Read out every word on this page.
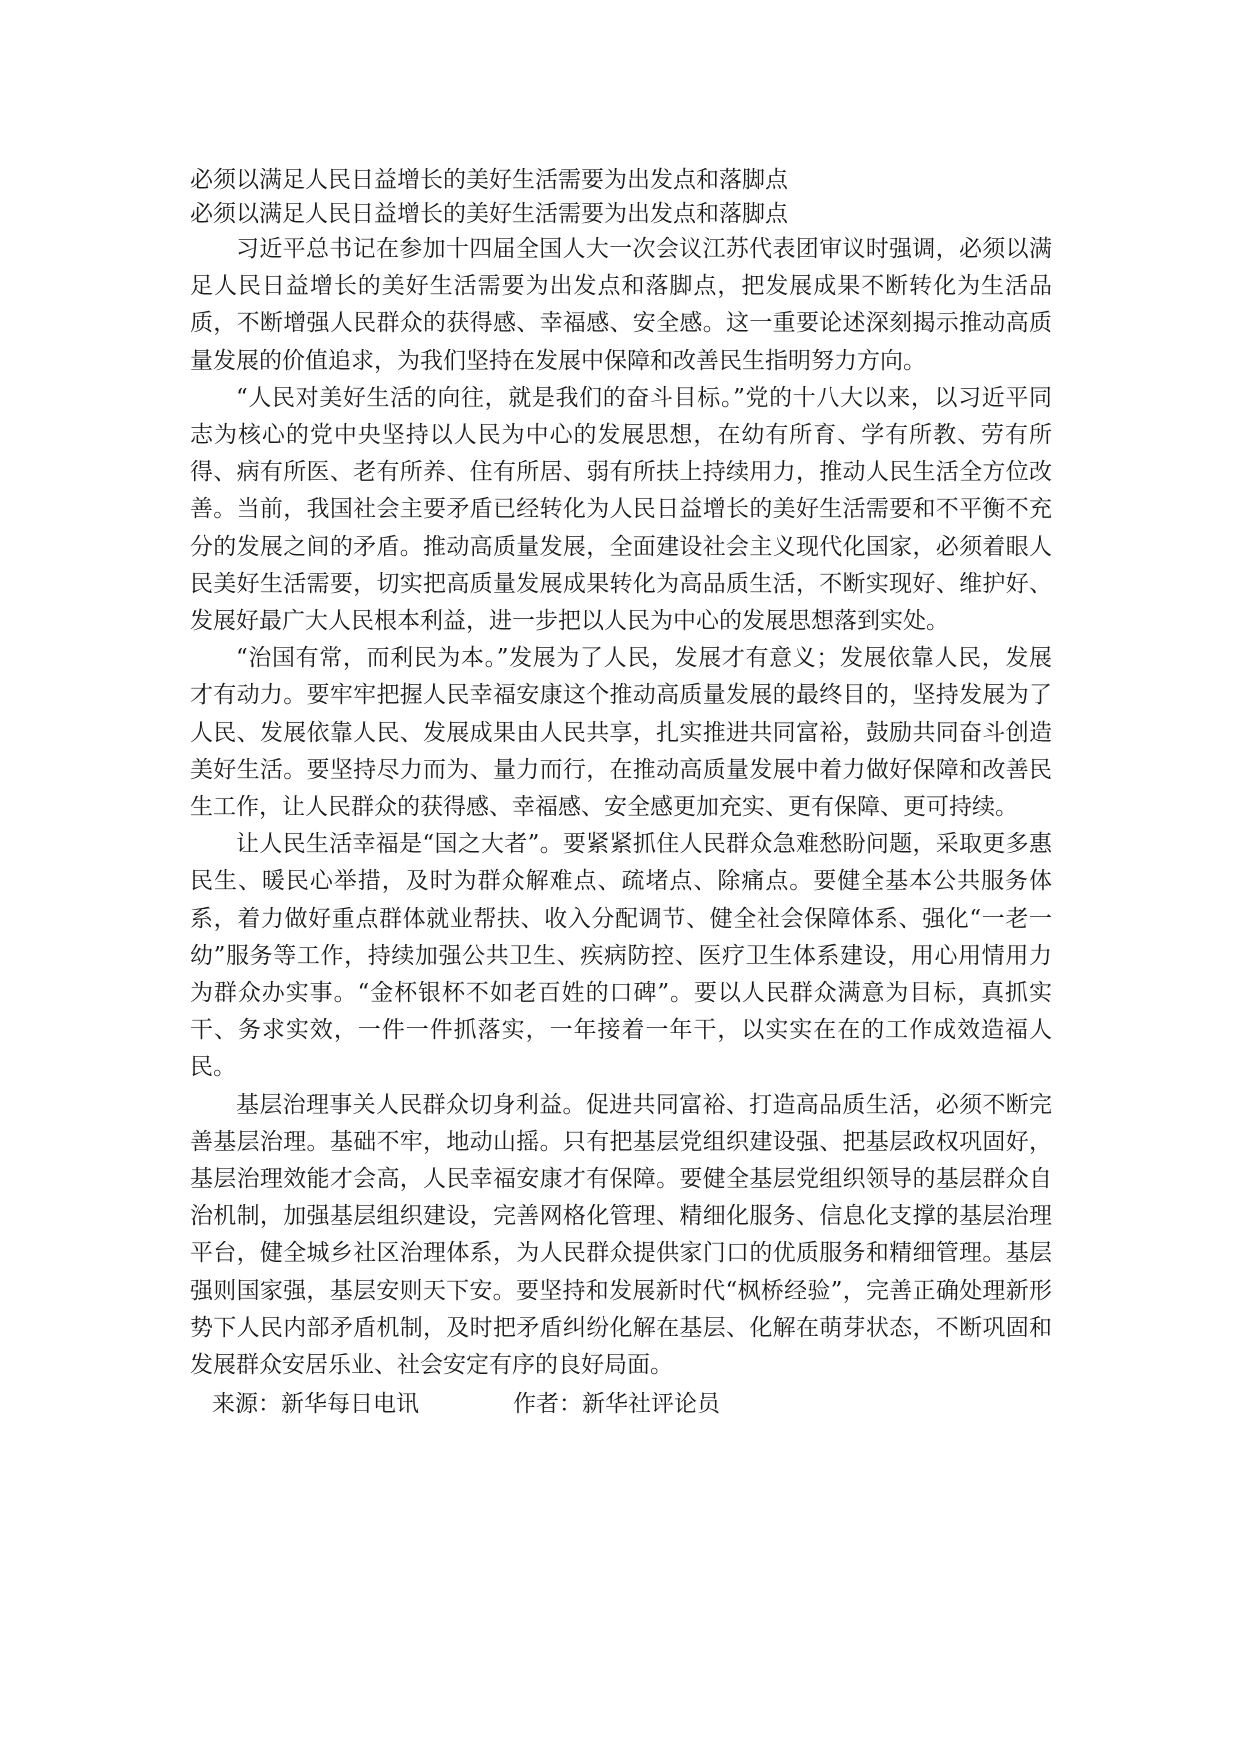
必须以满足人民日益增长的美好生活需要为出发点和落脚点

必须以满足人民日益增长的美好生活需要为出发点和落脚点

习近平总书记在参加十四届全国人大一次会议江苏代表团审议时强调，必须以满足人民日益增长的美好生活需要为出发点和落脚点，把发展成果不断转化为生活品质，不断增强人民群众的获得感、幸福感、安全感。这一重要论述深刻揭示推动高质量发展的价值追求，为我们坚持在发展中保障和改善民生指明努力方向。

“人民对美好生活的向往，就是我们的奋斗目标。”党的十八大以来，以习近平同志为核心的党中央坚持以人民为中心的发展思想，在幼有所育、学有所教、劳有所得、病有所医、老有所养、住有所居、弱有所扶上持续用力，推动人民生活全方位改善。当前，我国社会主要矛盾已经转化为人民日益增长的美好生活需要和不平衡不充分的发展之间的矛盾。推动高质量发展，全面建设社会主义现代化国家，必须着眼人民美好生活需要，切实把高质量发展成果转化为高品质生活，不断实现好、维护好、发展好最广大人民根本利益，进一步把以人民为中心的发展思想落到实处。

“治国有常，而利民为本。”发展为了人民，发展才有意义；发展依靠人民，发展才有动力。要牢牢把握人民幸福安康这个推动高质量发展的最终目的，坚持发展为了人民、发展依靠人民、发展成果由人民共享，扎实推进共同富裕，鼓励共同奋斗创造美好生活。要坚持尽力而为、量力而行，在推动高质量发展中着力做好保障和改善民生工作，让人民群众的获得感、幸福感、安全感更加充实、更有保障、更可持续。

让人民生活幸福是“国之大者”。要紧紧抓住人民群众急难愁盼问题，采取更多惠民生、暖民心举措，及时为群众解难点、疏堵点、除痛点。要健全基本公共服务体系，着力做好重点群体就业帮扶、收入分配调节、健全社会保障体系、强化“一老一幼”服务等工作，持续加强公共卫生、疾病防控、医疗卫生体系建设，用心用情用力为群众办实事。“金杯银杯不如老百姓的口碑”。要以人民群众满意为目标，真抓实干、务求实效，一件一件抓落实，一年接着一年干，以实实在在的工作成效造福人民。

基层治理事关人民群众切身利益。促进共同富裕、打造高品质生活，必须不断完善基层治理。基础不牢，地动山摇。只有把基层党组织建设强、把基层政权巩固好，基层治理效能才会高，人民幸福安康才有保障。要健全基层党组织领导的基层群众自治机制，加强基层组织建设，完善网格化管理、精细化服务、信息化支撑的基层治理平台，健全城乡社区治理体系，为人民群众提供家门口的优质服务和精细管理。基层强则国家强，基层安则天下安。要坚持和发展新时代“枫桥经验”，完善正确处理新形势下人民内部矛盾机制，及时把矛盾纠纷化解在基层、化解在萌芽状态，不断巩固和发展群众安居乐业、社会安定有序的良好局面。

来源：新华每日电讯	作者：新华社评论员
